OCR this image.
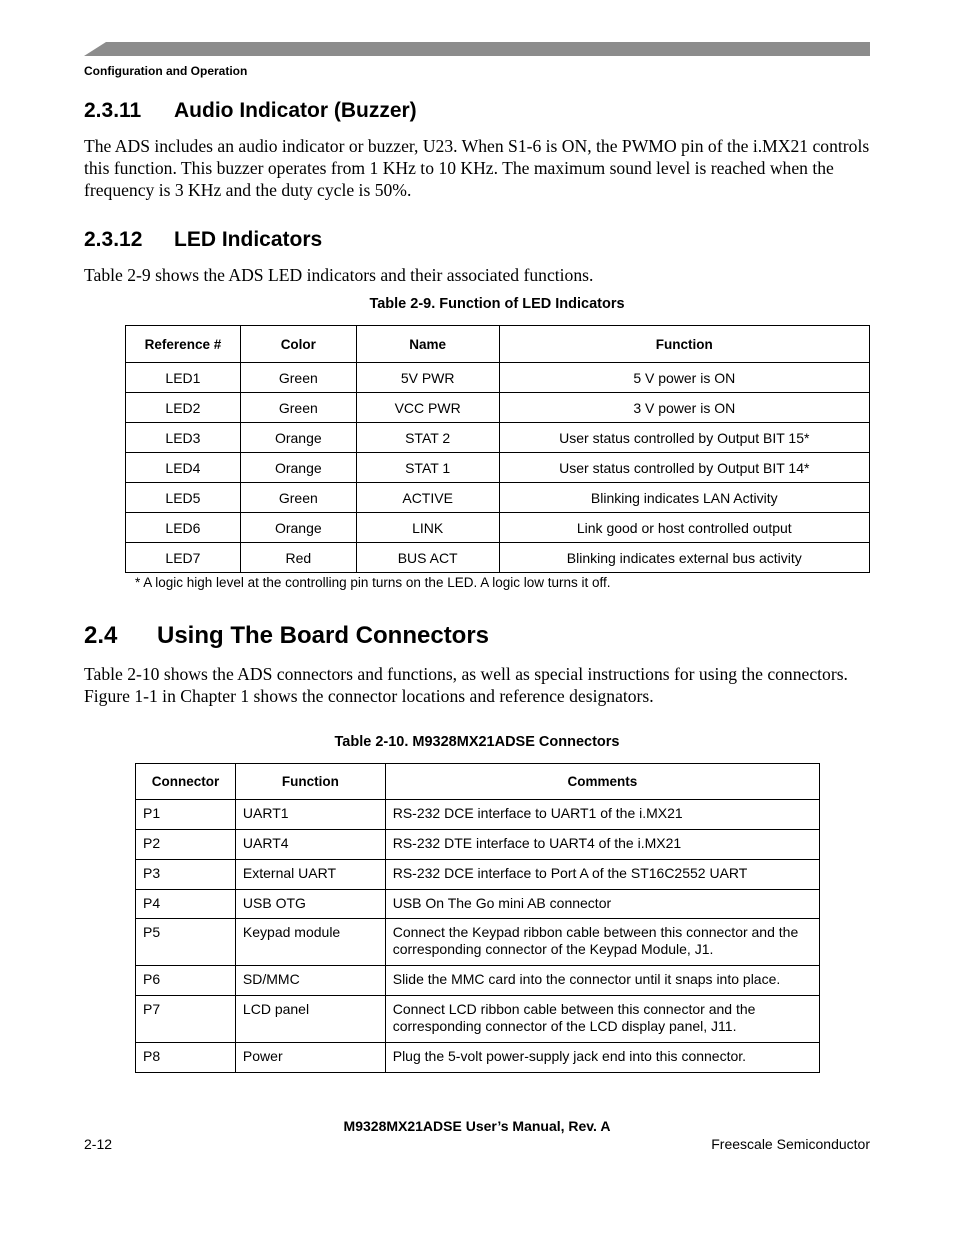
Configuration and Operation
2.3.11 Audio Indicator (Buzzer)

The ADS includes an audio indicator or buzzer, U23. When S1-6 is ON, the PWMO pin of the i.MX21 controls this function. This buzzer operates from 1 KHz to 10 KHz. The maximum sound level is reached when the frequency is 3 KHz and the duty cycle is 50%.

2.3.12 LED Indicators

Table 2-9 shows the ADS LED indicators and their associated functions.

Table 2-9. Function of LED Indicators
Reference #	Color	Name	Function
LED1	Green	5V PWR	5 V power is ON
LED2	Green	VCC PWR	3 V power is ON
LED3	Orange	STAT 2	User status controlled by Output BIT 15*
LED4	Orange	STAT 1	User status controlled by Output BIT 14*
LED5	Green	ACTIVE	Blinking indicates LAN Activity
LED6	Orange	LINK	Link good or host controlled output
LED7	Red	BUS ACT	Blinking indicates external bus activity
* A logic high level at the controlling pin turns on the LED. A logic low turns it off.
2.4 Using The Board Connectors

Table 2-10 shows the ADS connectors and functions, as well as special instructions for using the connectors. Figure 1-1 in Chapter 1 shows the connector locations and reference designators.

Table 2-10. M9328MX21ADSE Connectors
Connector	Function	Comments
P1	UART1	RS-232 DCE interface to UART1 of the i.MX21
P2	UART4	RS-232 DTE interface to UART4 of the i.MX21
P3	External UART	RS-232 DCE interface to Port A of the ST16C2552 UART
P4	USB OTG	USB On The Go mini AB connector
P5	Keypad module	Connect the Keypad ribbon cable between this connector and the corresponding connector of the Keypad Module, J1.
P6	SD/MMC	Slide the MMC card into the connector until it snaps into place.
P7	LCD panel	Connect LCD ribbon cable between this connector and the corresponding connector of the LCD display panel, J11.
P8	Power	Plug the 5-volt power-supply jack end into this connector.
M9328MX21ADSE User’s Manual, Rev. A
2-12	Freescale Semiconductor
